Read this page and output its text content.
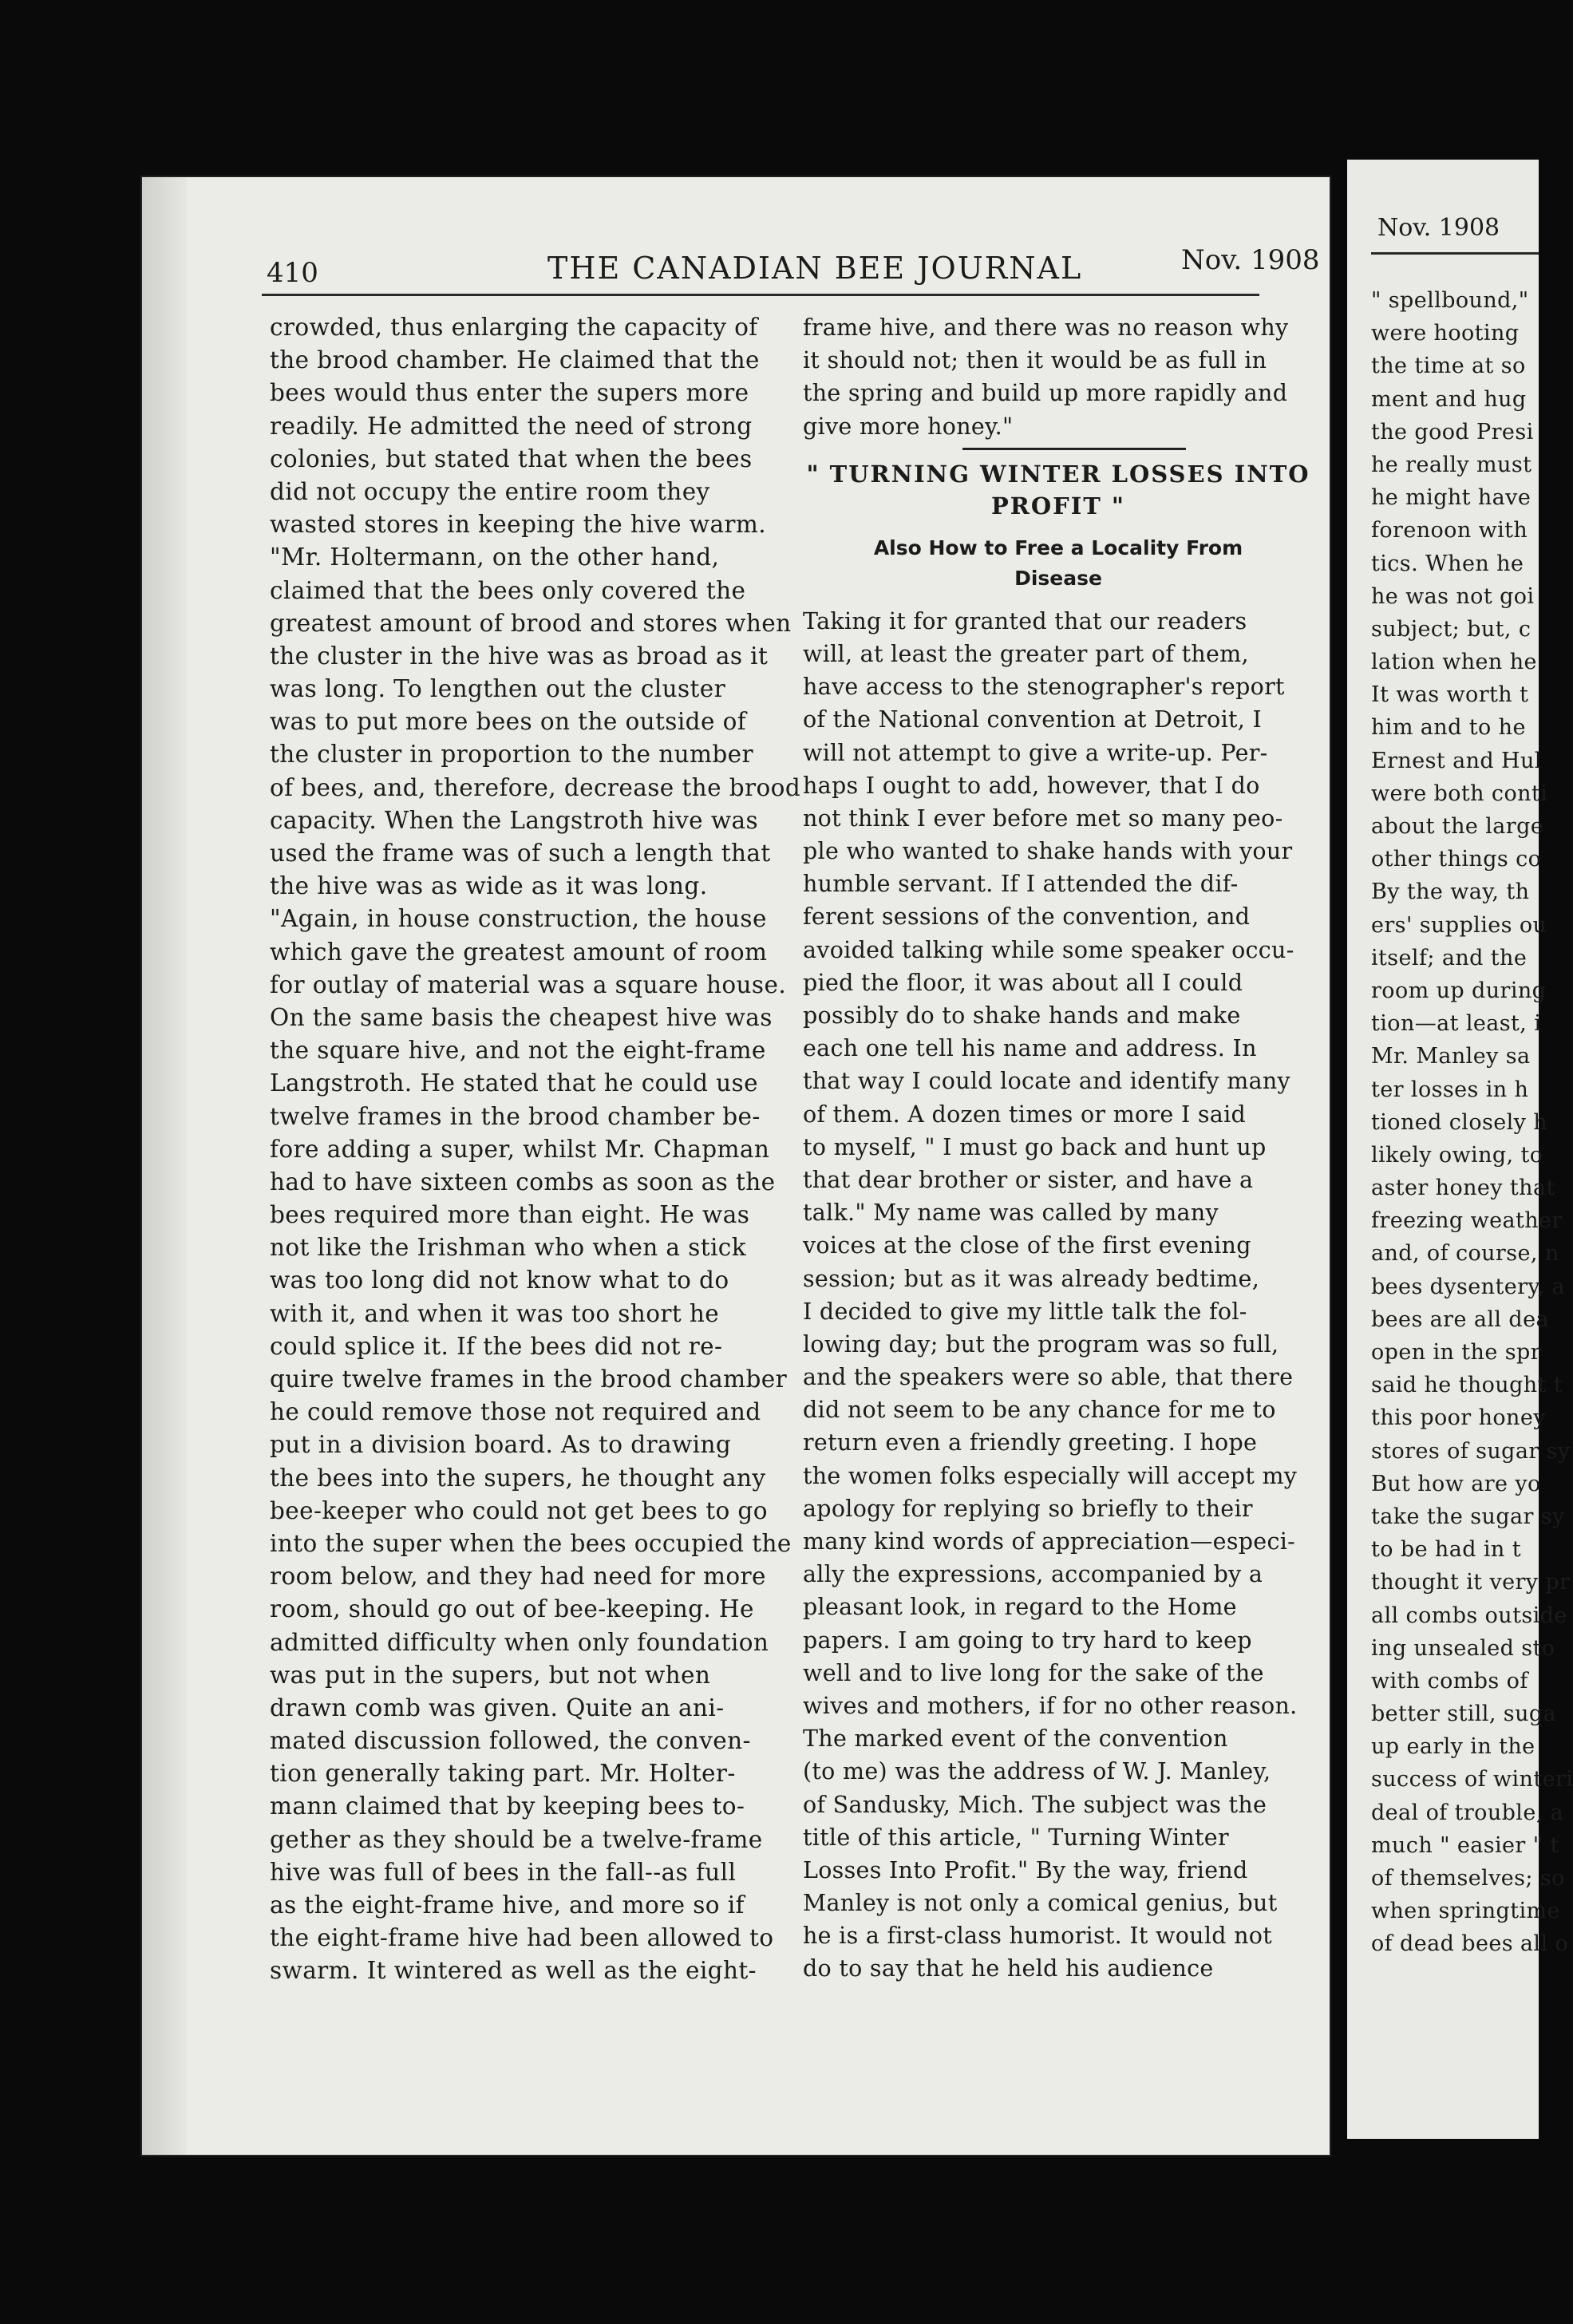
410	THE CANADIAN BEE JOURNAL	Nov. 1908
crowded, thus enlarging the capacity of
the brood chamber. He claimed that the
bees would thus enter the supers more
readily. He admitted the need of strong
colonies, but stated that when the bees
did not occupy the entire room they
wasted stores in keeping the hive warm.
"Mr. Holtermann, on the other hand,
claimed that the bees only covered the
greatest amount of brood and stores when
the cluster in the hive was as broad as it
was long. To lengthen out the cluster
was to put more bees on the outside of
the cluster in proportion to the number
of bees, and, therefore, decrease the brood
capacity. When the Langstroth hive was
used the frame was of such a length that
the hive was as wide as it was long.
"Again, in house construction, the house
which gave the greatest amount of room
for outlay of material was a square house.
On the same basis the cheapest hive was
the square hive, and not the eight-frame
Langstroth. He stated that he could use
twelve frames in the brood chamber be-
fore adding a super, whilst Mr. Chapman
had to have sixteen combs as soon as the
bees required more than eight. He was
not like the Irishman who when a stick
was too long did not know what to do
with it, and when it was too short he
could splice it. If the bees did not re-
quire twelve frames in the brood chamber
he could remove those not required and
put in a division board. As to drawing
the bees into the supers, he thought any
bee-keeper who could not get bees to go
into the super when the bees occupied the
room below, and they had need for more
room, should go out of bee-keeping. He
admitted difficulty when only foundation
was put in the supers, but not when
drawn comb was given. Quite an ani-
mated discussion followed, the conven-
tion generally taking part. Mr. Holter-
mann claimed that by keeping bees to-
gether as they should be a twelve-frame
hive was full of bees in the fall--as full
as the eight-frame hive, and more so if
the eight-frame hive had been allowed to
swarm. It wintered as well as the eight-
frame hive, and there was no reason why
it should not; then it would be as full in
the spring and build up more rapidly and
give more honey."
" TURNING WINTER LOSSES INTO
PROFIT "
Also How to Free a Locality From
Disease
Taking it for granted that our readers
will, at least the greater part of them,
have access to the stenographer's report
of the National convention at Detroit, I
will not attempt to give a write-up. Per-
haps I ought to add, however, that I do
not think I ever before met so many peo-
ple who wanted to shake hands with your
humble servant. If I attended the dif-
ferent sessions of the convention, and
avoided talking while some speaker occu-
pied the floor, it was about all I could
possibly do to shake hands and make
each one tell his name and address. In
that way I could locate and identify many
of them. A dozen times or more I said
to myself, " I must go back and hunt up
that dear brother or sister, and have a
talk." My name was called by many
voices at the close of the first evening
session; but as it was already bedtime,
I decided to give my little talk the fol-
lowing day; but the program was so full,
and the speakers were so able, that there
did not seem to be any chance for me to
return even a friendly greeting. I hope
the women folks especially will accept my
apology for replying so briefly to their
many kind words of appreciation—especi-
ally the expressions, accompanied by a
pleasant look, in regard to the Home
papers. I am going to try hard to keep
well and to live long for the sake of the
wives and mothers, if for no other reason.
The marked event of the convention
(to me) was the address of W. J. Manley,
of Sandusky, Mich. The subject was the
title of this article, " Turning Winter
Losses Into Profit." By the way, friend
Manley is not only a comical genius, but
he is a first-class humorist. It would not
do to say that he held his audience
Nov. 1908
" spellbound,"
were hooting
the time at so
ment and hug
the good Presi
he really must
he might have
forenoon with
tics. When he
he was not goi
subject; but, c
lation when he
It was worth t
him and to he
Ernest and Hul
were both conti
about the large
other things co
By the way, th
ers' supplies ou
itself; and the
room up during
tion—at least, i
Mr. Manley sa
ter losses in h
tioned closely h
likely owing, to
aster honey that
freezing weather
and, of course, n
bees dysentery, a
bees are all dea
open in the spr
said he thought t
this poor honey
stores of sugar sy
But how are yo
take the sugar sy
to be had in t
thought it very pr
all combs outside
ing unsealed sto
with combs of
better still, suga
up early in the
success of winteri
deal of trouble, a
much " easier " t
of themselves; so
when springtime
of dead bees all o
